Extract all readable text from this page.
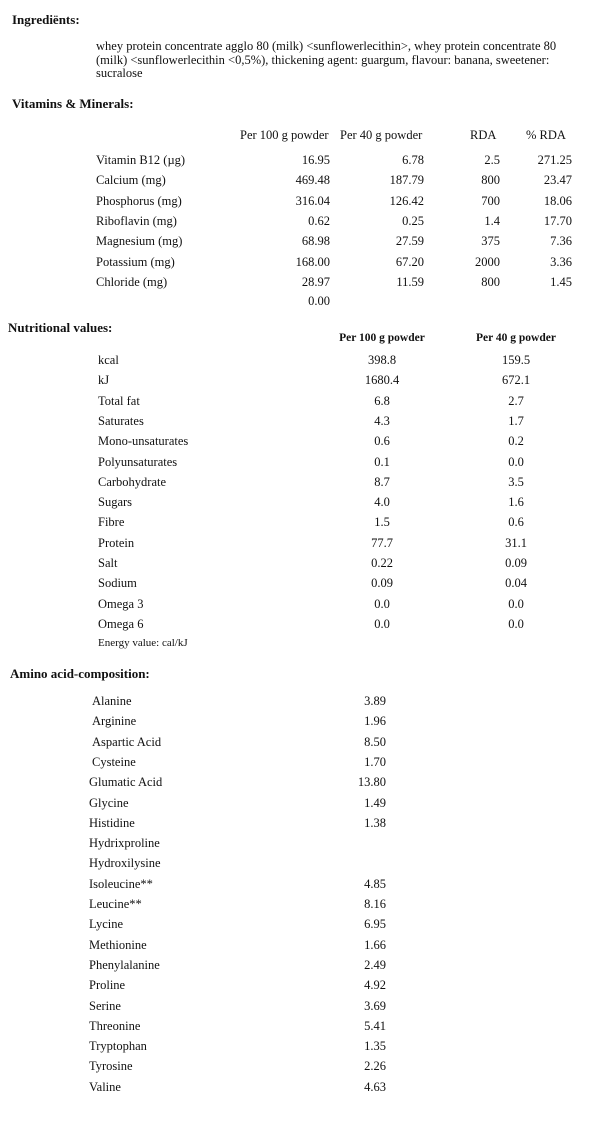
Ingrediënts:
whey protein concentrate agglo 80 (milk) <sunflowerlecithin>, whey protein concentrate 80 (milk) <sunflowerlecithin <0,5%), thickening agent: guargum, flavour: banana, sweetener: sucralose
Vitamins & Minerals:
Per 100 g powder Per 40 g powder	RDA % RDA
Vitamin B12 (µg)	16.95	6.78	2.5	271.25
Calcium (mg)	469.48	187.79	800	23.47
Phosphorus (mg)	316.04	126.42	700	18.06
Riboflavin (mg)	0.62	0.25	1.4	17.70
Magnesium (mg)	68.98	27.59	375	7.36
Potassium (mg)	168.00	67.20	2000	3.36
Chloride (mg)	28.97	11.59	800	1.45
0.00
Nutritional values:
Per 100 g powder	Per 40 g powder
kcal	398.8	159.5
kJ	1680.4	672.1
Total fat	6.8	2.7
Saturates	4.3	1.7
Mono-unsaturates	0.6	0.2
Polyunsaturates	0.1	0.0
Carbohydrate	8.7	3.5
Sugars	4.0	1.6
Fibre	1.5	0.6
Protein	77.7	31.1
Salt	0.22	0.09
Sodium	0.09	0.04
Omega 3	0.0	0.0
Omega 6	0.0	0.0
Energy value: cal/kJ
Amino acid-composition:
Alanine	3.89
Arginine	1.96
Aspartic Acid	8.50
Cysteine	1.70
Glumatic Acid	13.80
Glycine	1.49
Histidine	1.38
Hydrixproline
Hydroxilysine
Isoleucine**	4.85
Leucine**	8.16
Lycine	6.95
Methionine	1.66
Phenylalanine	2.49
Proline	4.92
Serine	3.69
Threonine	5.41
Tryptophan	1.35
Tyrosine	2.26
Valine	4.63
